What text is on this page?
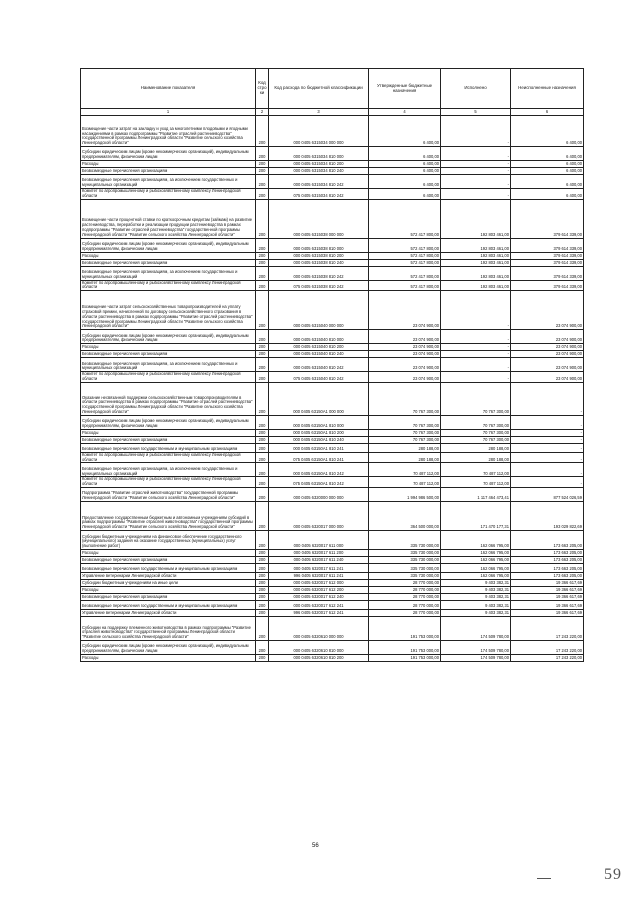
Наименование показателя	Код строки	Код расхода по бюджетной классификации	Утвержденные бюджетные назначения	Исполнено	Неисполненные назначения
1	2	3	4	5	6
Возмещение части затрат на закладку и уход за многолетними плодовыми и ягодными насаждениями в рамках подпрограммы "Развитие отраслей растениеводства" государственной программы Ленинградской области "Развитие сельского хозяйства Ленинградской области"	200	000 0405 6315034 000 000	6 400,00	-	6 400,00
Субсидии юридическим лицам (кроме некоммерческих организаций), индивидуальным предпринимателям, физическим лицам	200	000 0405 6315034 810 000	6 400,00	-	6 400,00
Расходы	200	000 0405 6315034 810 200	6 400,00	-	6 400,00
Безвозмездные перечисления организациям	200	000 0405 6315034 810 240	6 400,00	-	6 400,00
Безвозмездные перечисления организациям, за исключением государственных и муниципальных организаций	200	000 0405 6315034 810 242	6 400,00	-	6 400,00
Комитет по агропромышленному и рыбохозяйственному комплексу Ленинградской области	200	075 0405 6315034 810 242	6 400,00	-	6 400,00
Возмещение части процентной ставки по краткосрочным кредитам (займам) на развитие растениеводства, переработки и реализации продукции растениеводства в рамках подпрограммы "Развитие отраслей растениеводства" государственной программы Ленинградской области "Развитие сельского хозяйства Ленинградской области"	200	000 0405 6315038 000 000	572 417 800,00	192 803 461,00	379 614 339,00
Субсидии юридическим лицам (кроме некоммерческих организаций), индивидуальным предпринимателям, физическим лицам	200	000 0405 6315038 810 000	572 417 800,00	192 803 461,00	379 614 339,00
Расходы	200	000 0405 6315038 810 200	572 417 800,00	192 803 461,00	379 614 339,00
Безвозмездные перечисления организациям	200	000 0405 6315038 810 240	572 417 800,00	192 803 461,00	379 614 339,00
Безвозмездные перечисления организациям, за исключением государственных и муниципальных организаций	200	000 0405 6315038 810 242	572 417 800,00	192 803 461,00	379 614 339,00
Комитет по агропромышленному и рыбохозяйственному комплексу Ленинградской области	200	075 0405 6315038 810 242	572 417 800,00	192 803 461,00	379 614 339,00
Возмещение части затрат сельскохозяйственных товаропроизводителей на уплату страховой премии, начисленной по договору сельскохозяйственного страхования в области растениеводства в рамках подпрограммы "Развитие отраслей растениеводства" государственной программы Ленинградской области "Развитие сельского хозяйства Ленинградской области"	200	000 0405 6315040 000 000	23 074 900,00	-	23 074 900,00
Субсидии юридическим лицам (кроме некоммерческих организаций), индивидуальным предпринимателям, физическим лицам	200	000 0405 6315040 810 000	23 074 900,00	-	23 074 900,00
Расходы	200	000 0405 6315040 810 200	23 074 900,00	-	23 074 900,00
Безвозмездные перечисления организациям	200	000 0405 6315040 810 240	23 074 900,00	-	23 074 900,00
Безвозмездные перечисления организациям, за исключением государственных и муниципальных организаций	200	000 0405 6315040 810 242	23 074 900,00	-	23 074 900,00
Комитет по агропромышленному и рыбохозяйственному комплексу Ленинградской области	200	075 0405 6315040 810 242	23 074 900,00	-	23 074 900,00
Оказание несвязанной поддержки сельскохозяйственным товаропроизводителям в области растениеводства в рамках подпрограммы "Развитие отраслей растениеводства" государственной программы Ленинградской области "Развитие сельского хозяйства Ленинградской области"	200	000 0405 63150А1 000 000	70 767 300,00	70 767 300,00	-
Субсидии юридическим лицам (кроме некоммерческих организаций), индивидуальным предпринимателям, физическим лицам	200	000 0405 63150А1 810 000	70 767 300,00	70 767 300,00	-
Расходы	200	000 0405 63150А1 810 200	70 767 300,00	70 767 300,00	-
Безвозмездные перечисления организациям	200	000 0405 63150А1 810 240	70 767 300,00	70 767 300,00	-
Безвозмездные перечисления государственным и муниципальным организациям	200	000 0405 63150А1 810 241	280 188,00	280 188,00	-
Комитет по агропромышленному и рыбохозяйственному комплексу Ленинградской области	200	075 0405 63150А1 810 241	280 188,00	280 188,00	-
Безвозмездные перечисления организациям, за исключением государственных и муниципальных организаций	200	000 0405 63150А1 810 242	70 487 112,00	70 487 112,00	-
Комитет по агропромышленному и рыбохозяйственному комплексу Ленинградской области	200	075 0405 63150А1 810 242	70 487 112,00	70 487 112,00	-
Подпрограмма "Развитие отраслей животноводства" государственной программы Ленинградской области "Развитие сельского хозяйства Ленинградской области"	200	000 0405 6320000 000 000	1 994 986 500,00	1 117 464 473,41	877 524 026,59
Предоставление государственным бюджетным и автономным учреждениям субсидий в рамках подпрограммы "Развитие отраслей животноводства" государственной программы Ленинградской области "Развитие сельского хозяйства Ленинградской области"	200	000 0405 6320017 000 000	364 500 000,00	171 470 177,31	193 029 822,69
Субсидии бюджетным учреждениям на финансовое обеспечение государственного (муниципального) задания на оказание государственных (муниципальных) услуг (выполнение работ)	200	000 0405 6320017 611 000	335 730 000,00	162 066 795,00	173 663 205,00
Расходы	200	000 0405 6320017 611 200	335 730 000,00	162 066 795,00	173 663 205,00
Безвозмездные перечисления организациям	200	000 0405 6320017 611 240	335 730 000,00	162 066 795,00	173 663 205,00
Безвозмездные перечисления государственным и муниципальным организациям	200	000 0405 6320017 611 241	335 730 000,00	162 066 795,00	173 663 205,00
Управление ветеринарии Ленинградской области	200	996 0405 6320017 611 241	335 730 000,00	162 066 795,00	173 663 205,00
Субсидии бюджетным учреждениям на иные цели	200	000 0405 6320017 612 000	28 770 000,00	9 403 382,31	19 366 617,69
Расходы	200	000 0405 6320017 612 200	28 770 000,00	9 403 382,31	19 366 617,69
Безвозмездные перечисления организациям	200	000 0405 6320017 612 240	28 770 000,00	9 403 382,31	19 366 617,69
Безвозмездные перечисления государственным и муниципальным организациям	200	000 0405 6320017 612 241	28 770 000,00	9 403 382,31	19 366 617,69
Управление ветеринарии Ленинградской области	200	996 0405 6320017 612 241	28 770 000,00	9 403 382,31	19 366 617,69
Субсидии на поддержку племенного животноводства в рамках подпрограммы "Развитие отраслей животноводства" государственной программы Ленинградской области "Развитие сельского хозяйства Ленинградской области"	200	000 0405 6320610 000 000	191 753 000,00	174 509 780,00	17 243 220,00
Субсидии юридическим лицам (кроме некоммерческих организаций), индивидуальным предпринимателям, физическим лицам	200	000 0405 6320610 810 000	191 753 000,00	174 509 780,00	17 243 220,00
Расходы	200	000 0405 6320610 810 200	191 753 000,00	174 509 780,00	17 243 220,00
56
59
